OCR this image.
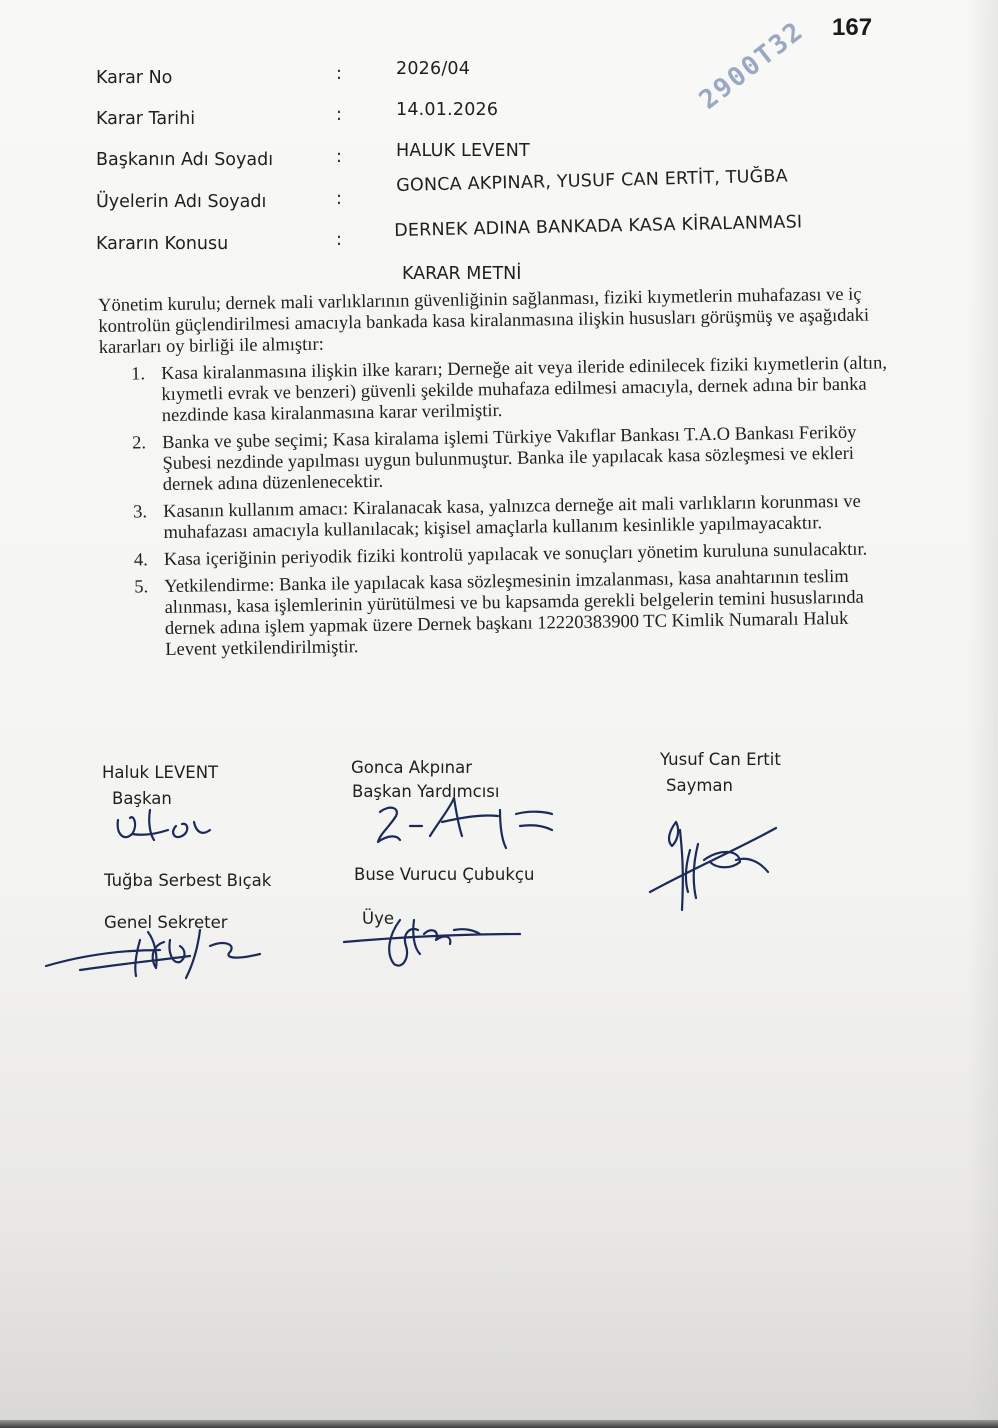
167
2900T32
Karar No	:	2026/04
Karar Tarihi	:	14.01.2026
Başkanın Adı Soyadı	:	HALUK LEVENT
Üyelerin Adı Soyadı	:
GONCA AKPINAR, YUSUF CAN ERTİT, TUĞBA
Kararın Konusu	:	DERNEK ADINA BANKADA KASA KİRALANMASI
KARAR METNİ

Yönetim kurulu; dernek mali varlıklarının güvenliğinin sağlanması, fiziki kıymetlerin muhafazası ve iç kontrolün güçlendirilmesi amacıyla bankada kasa kiralanmasına ilişkin hususları görüşmüş ve aşağıdaki kararları oy birliği ile almıştır:

1. Kasa kiralanmasına ilişkin ilke kararı; Derneğe ait veya ileride edinilecek fiziki kıymetlerin (altın, kıymetli evrak ve benzeri) güvenli şekilde muhafaza edilmesi amacıyla, dernek adına bir banka nezdinde kasa kiralanmasına karar verilmiştir.
2. Banka ve şube seçimi; Kasa kiralama işlemi Türkiye Vakıflar Bankası T.A.O Bankası Feriköy Şubesi nezdinde yapılması uygun bulunmuştur. Banka ile yapılacak kasa sözleşmesi ve ekleri dernek adına düzenlenecektir.
3. Kasanın kullanım amacı: Kiralanacak kasa, yalnızca derneğe ait mali varlıkların korunması ve muhafazası amacıyla kullanılacak; kişisel amaçlarla kullanım kesinlikle yapılmayacaktır.
4. Kasa içeriğinin periyodik fiziki kontrolü yapılacak ve sonuçları yönetim kuruluna sunulacaktır.
5. Yetkilendirme: Banka ile yapılacak kasa sözleşmesinin imzalanması, kasa anahtarının teslim alınması, kasa işlemlerinin yürütülmesi ve bu kapsamda gerekli belgelerin temini hususlarında dernek adına işlem yapmak üzere Dernek başkanı 12220383900 TC Kimlik Numaralı Haluk Levent yetkilendirilmiştir.
Haluk LEVENT
Başkan
Gonca Akpınar
Başkan Yardımcısı
Yusuf Can Ertit
Sayman
Tuğba Serbest Bıçak
Genel Sekreter
Buse Vurucu Çubukçu
Üye
